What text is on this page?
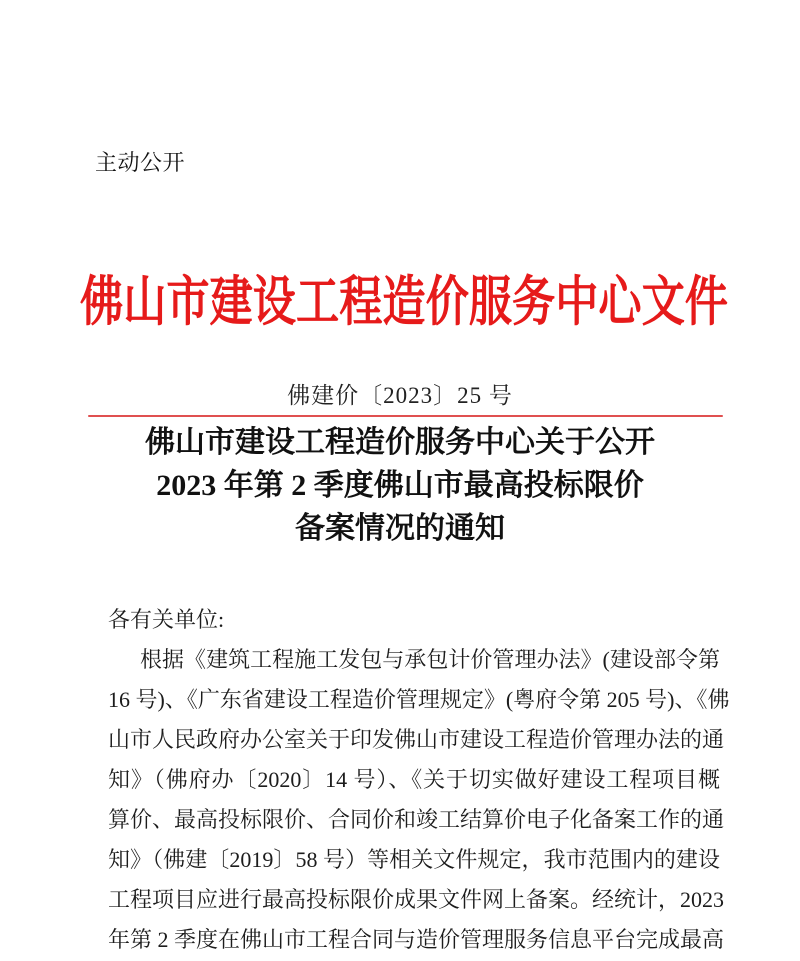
主动公开
佛山市建设工程造价服务中心文件
佛建价〔2023〕25 号
佛山市建设工程造价服务中心关于公开
2023 年第 2 季度佛山市最高投标限价
备案情况的通知
各有关单位:
根据《建筑工程施工发包与承包计价管理办法》(建设部令第
16 号)、《广东省建设工程造价管理规定》(粤府令第 205 号)、《佛
山市人民政府办公室关于印发佛山市建设工程造价管理办法的通
知》（佛府办〔2020〕14 号）、《关于切实做好建设工程项目概
算价、最高投标限价、合同价和竣工结算价电子化备案工作的通
知》（佛建〔2019〕58 号）等相关文件规定，我市范围内的建设
工程项目应进行最高投标限价成果文件网上备案。经统计，2023
年第 2 季度在佛山市工程合同与造价管理服务信息平台完成最高
